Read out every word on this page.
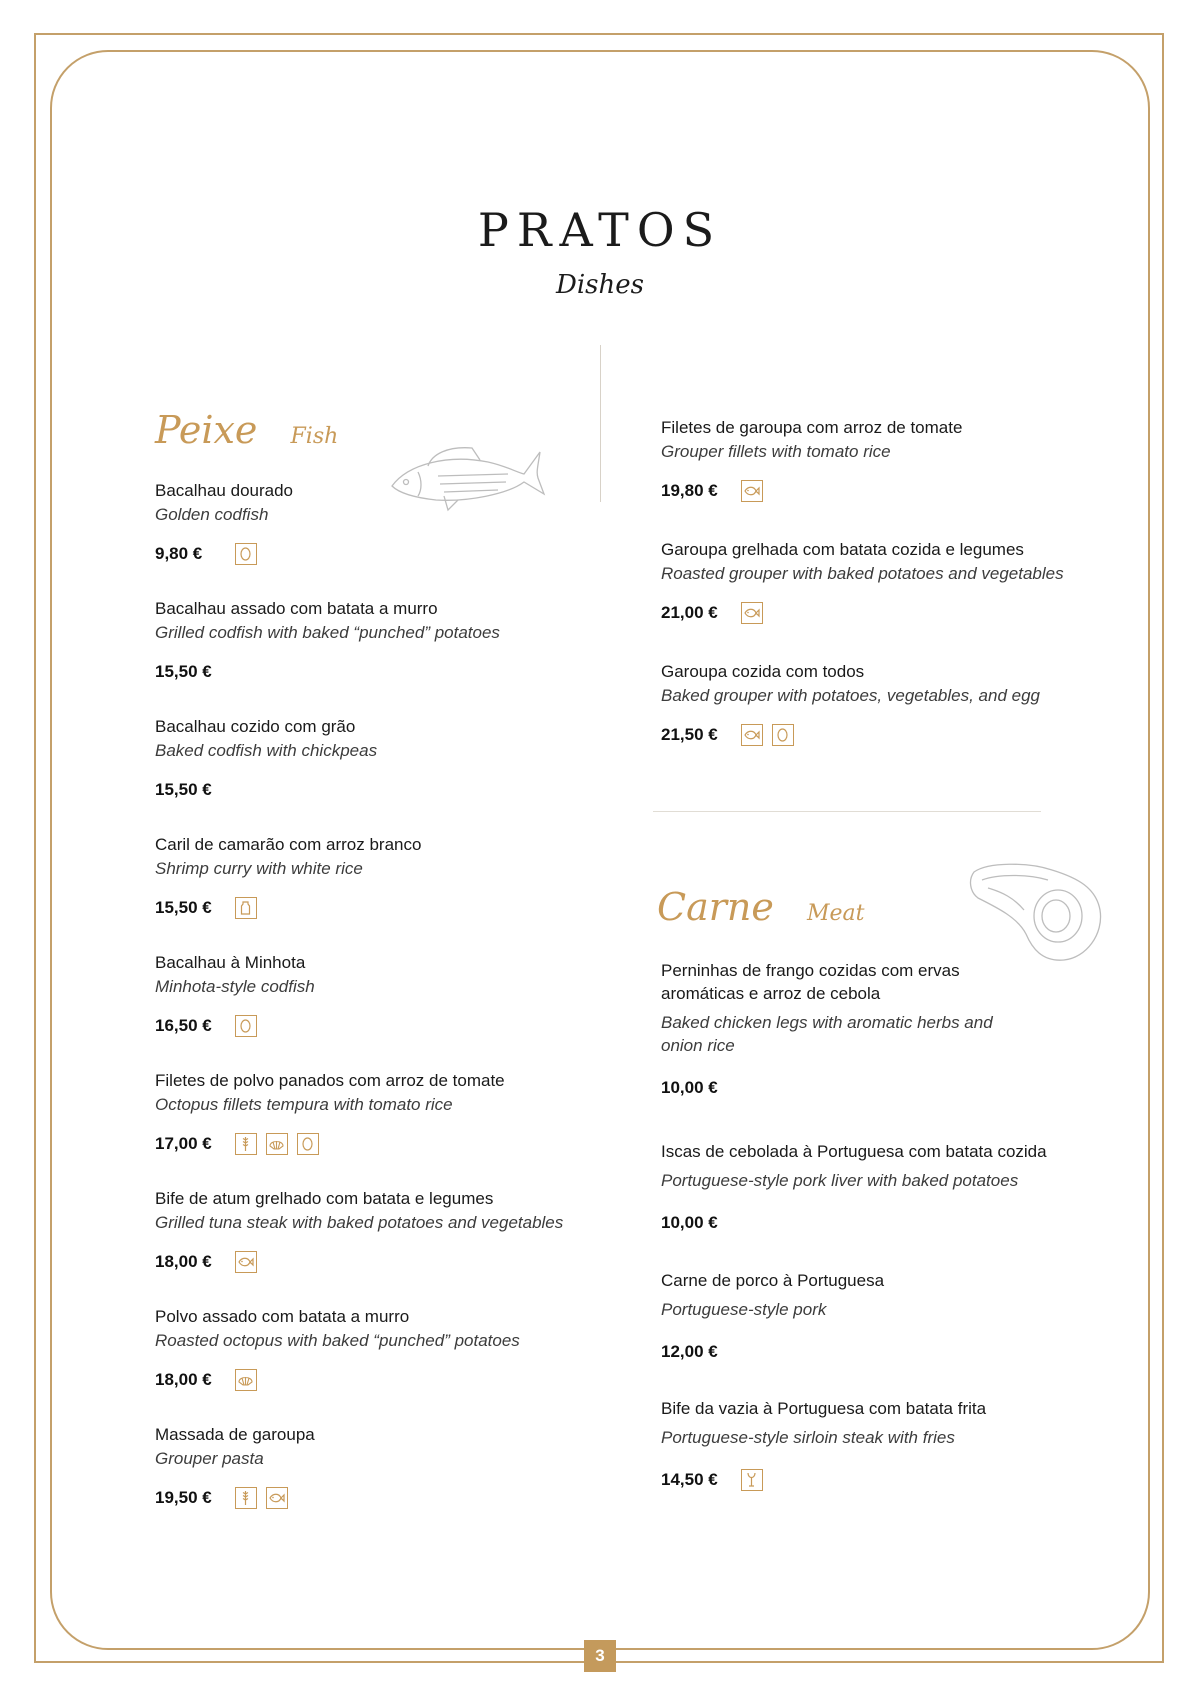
PRATOS
Dishes
Peixe Fish
Carne Meat
Bacalhau dourado
Golden codfish
9,80 €
Bacalhau assado com batata a murro
Grilled codfish with baked “punched” potatoes
15,50 €
Bacalhau cozido com grão
Baked codfish with chickpeas
15,50 €
Caril de camarão com arroz branco
Shrimp curry with white rice
15,50 €
Bacalhau à Minhota
Minhota-style codfish
16,50 €
Filetes de polvo panados com arroz de tomate
Octopus fillets tempura with tomato rice
17,00 €
Bife de atum grelhado com batata e legumes
Grilled tuna steak with baked potatoes and vegetables
18,00 €
Polvo assado com batata a murro
Roasted octopus with baked “punched” potatoes
18,00 €
Massada de garoupa
Grouper pasta
19,50 €
Filetes de garoupa com arroz de tomate
Grouper fillets with tomato rice
19,80 €
Garoupa grelhada com batata cozida e legumes
Roasted grouper with baked potatoes and vegetables
21,00 €
Garoupa cozida com todos
Baked grouper with potatoes, vegetables, and egg
21,50 €
Perninhas de frango cozidas com ervas aromáticas e arroz de cebola
Baked chicken legs with aromatic herbs and onion rice
10,00 €
Iscas de cebolada à Portuguesa com batata cozida
Portuguese-style pork liver with baked potatoes
10,00 €
Carne de porco à Portuguesa
Portuguese-style pork
12,00 €
Bife da vazia à Portuguesa com batata frita
Portuguese-style sirloin steak with fries
14,50 €
3
